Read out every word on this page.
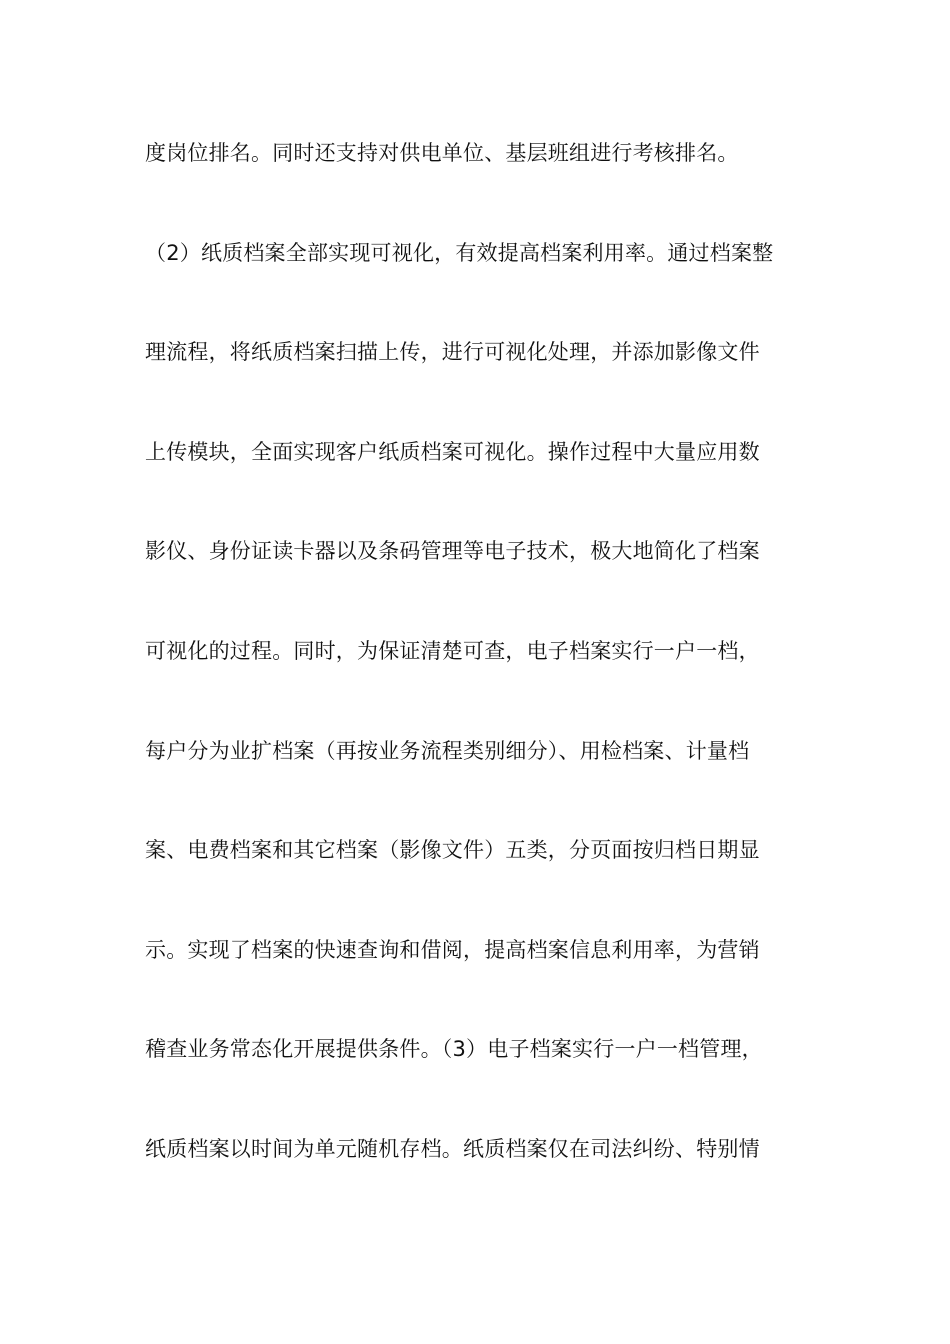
度岗位排名。同时还支持对供电单位、基层班组进行考核排名。
（2）纸质档案全部实现可视化，有效提高档案利用率。通过档案整
理流程，将纸质档案扫描上传，进行可视化处理，并添加影像文件
上传模块，全面实现客户纸质档案可视化。操作过程中大量应用数
影仪、身份证读卡器以及条码管理等电子技术，极大地简化了档案
可视化的过程。同时，为保证清楚可查，电子档案实行一户一档，
每户分为业扩档案（再按业务流程类别细分）、用检档案、计量档
案、电费档案和其它档案（影像文件）五类，分页面按归档日期显
示。实现了档案的快速查询和借阅，提高档案信息利用率，为营销
稽查业务常态化开展提供条件。（3）电子档案实行一户一档管理，
纸质档案以时间为单元随机存档。纸质档案仅在司法纠纷、特别情
